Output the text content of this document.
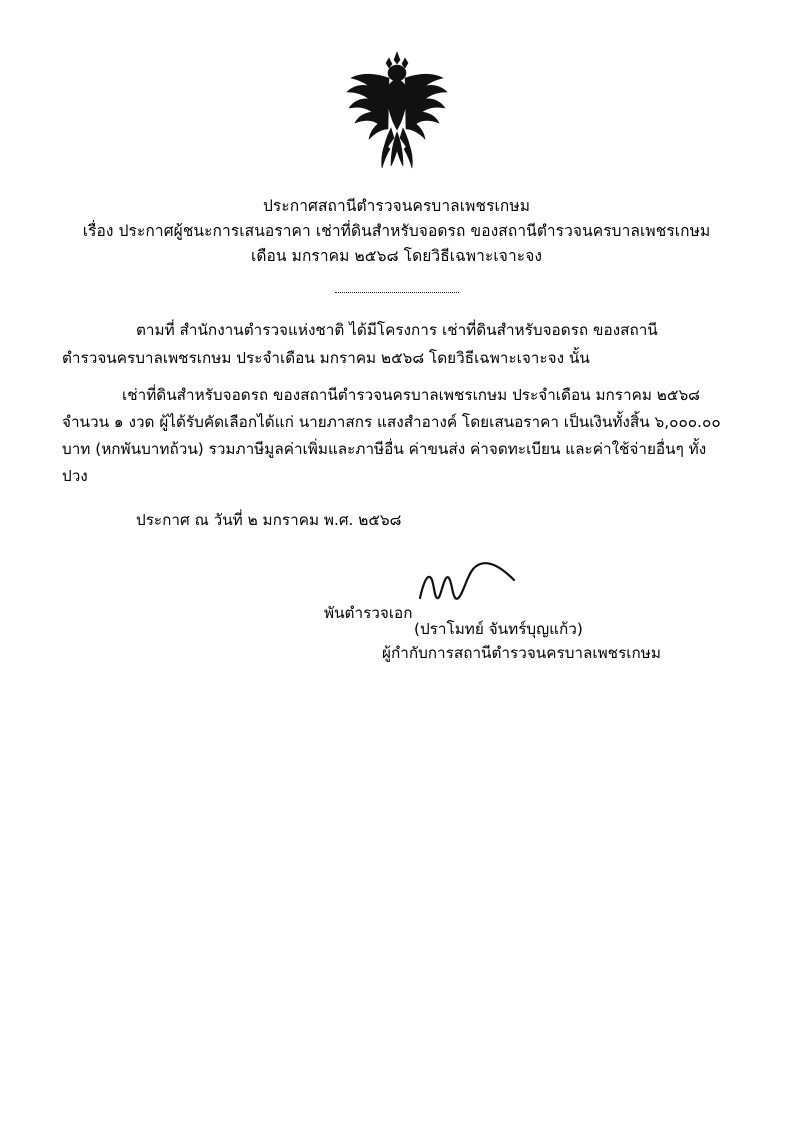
ประกาศสถานีตำรวจนครบาลเพชรเกษม
เรื่อง ประกาศผู้ชนะการเสนอราคา เช่าที่ดินสำหรับจอดรถ ของสถานีตำรวจนครบาลเพชรเกษม
เดือน มกราคม ๒๕๖๘ โดยวิธีเฉพาะเจาะจง

ตามที่ สำนักงานตำรวจแห่งชาติ ได้มีโครงการ เช่าที่ดินสำหรับจอดรถ ของสถานีตำรวจนครบาลเพชรเกษม ประจำเดือน มกราคม ๒๕๖๘ โดยวิธีเฉพาะเจาะจง นั้น

เช่าที่ดินสำหรับจอดรถ ของสถานีตำรวจนครบาลเพชรเกษม ประจำเดือน มกราคม ๒๕๖๘ จำนวน ๑ งวด ผู้ได้รับคัดเลือกได้แก่ นายภาสกร แสงสำอางค์ โดยเสนอราคา เป็นเงินทั้งสิ้น ๖,๐๐๐.๐๐ บาท (หกพันบาทถ้วน) รวมภาษีมูลค่าเพิ่มและภาษีอื่น ค่าขนส่ง ค่าจดทะเบียน และค่าใช้จ่ายอื่นๆ ทั้งปวง

ประกาศ ณ วันที่ ๒ มกราคม พ.ศ. ๒๕๖๘

พันตำรวจเอก
(ปราโมทย์ จันทร์บุญแก้ว)
ผู้กำกับการสถานีตำรวจนครบาลเพชรเกษม
